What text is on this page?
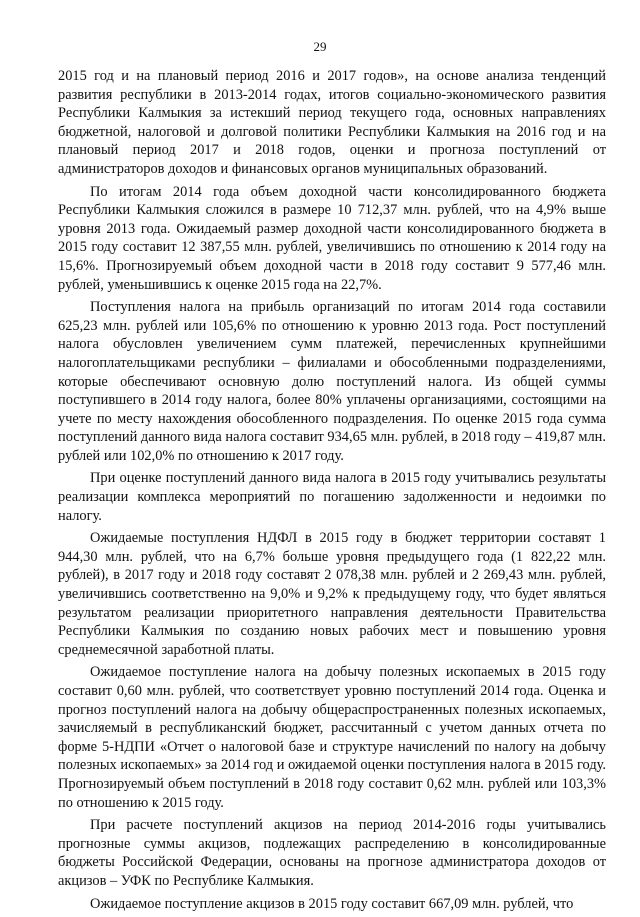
29

2015 год и на плановый период 2016 и 2017 годов», на основе анализа тенденций развития республики в 2013-2014 годах, итогов социально-экономического развития Республики Калмыкия за истекший период текущего года, основных направлениях бюджетной, налоговой и долговой политики Республики Калмыкия на 2016 год и на плановый период 2017 и 2018 годов, оценки и прогноза поступлений от администраторов доходов и финансовых органов муниципальных образований.

По итогам 2014 года объем доходной части консолидированного бюджета Республики Калмыкия сложился в размере 10 712,37 млн. рублей, что на 4,9% выше уровня 2013 года. Ожидаемый размер доходной части консолидированного бюджета в 2015 году составит 12 387,55 млн. рублей, увеличившись по отношению к 2014 году на 15,6%. Прогнозируемый объем доходной части в 2018 году составит 9 577,46 млн. рублей, уменьшившись к оценке 2015 года на 22,7%.

Поступления налога на прибыль организаций по итогам 2014 года составили 625,23 млн. рублей или 105,6% по отношению к уровню 2013 года. Рост поступлений налога обусловлен увеличением сумм платежей, перечисленных крупнейшими налогоплательщиками республики – филиалами и обособленными подразделениями, которые обеспечивают основную долю поступлений налога. Из общей суммы поступившего в 2014 году налога, более 80% уплачены организациями, состоящими на учете по месту нахождения обособленного подразделения. По оценке 2015 года сумма поступлений данного вида налога составит 934,65 млн. рублей, в 2018 году – 419,87 млн. рублей или 102,0% по отношению к 2017 году.

При оценке поступлений данного вида налога в 2015 году учитывались результаты реализации комплекса мероприятий по погашению задолженности и недоимки по налогу.

Ожидаемые поступления НДФЛ в 2015 году в бюджет территории составят 1 944,30 млн. рублей, что на 6,7% больше уровня предыдущего года (1 822,22 млн. рублей), в 2017 году и 2018 году составят 2 078,38 млн. рублей и 2 269,43 млн. рублей, увеличившись соответственно на 9,0% и 9,2% к предыдущему году, что будет являться результатом реализации приоритетного направления деятельности Правительства Республики Калмыкия по созданию новых рабочих мест и повышению уровня среднемесячной заработной платы.

Ожидаемое поступление налога на добычу полезных ископаемых в 2015 году составит 0,60 млн. рублей, что соответствует уровню поступлений 2014 года. Оценка и прогноз поступлений налога на добычу общераспространенных полезных ископаемых, зачисляемый в республиканский бюджет, рассчитанный с учетом данных отчета по форме 5-НДПИ «Отчет о налоговой базе и структуре начислений по налогу на добычу полезных ископаемых» за 2014 год и ожидаемой оценки поступления налога в 2015 году. Прогнозируемый объем поступлений в 2018 году составит 0,62 млн. рублей или 103,3% по отношению к 2015 году.

При расчете поступлений акцизов на период 2014-2016 годы учитывались прогнозные суммы акцизов, подлежащих распределению в консолидированные бюджеты Российской Федерации, основаны на прогнозе администратора доходов от акцизов – УФК по Республике Калмыкия.

Ожидаемое поступление акцизов в 2015 году составит 667,09 млн. рублей, что
